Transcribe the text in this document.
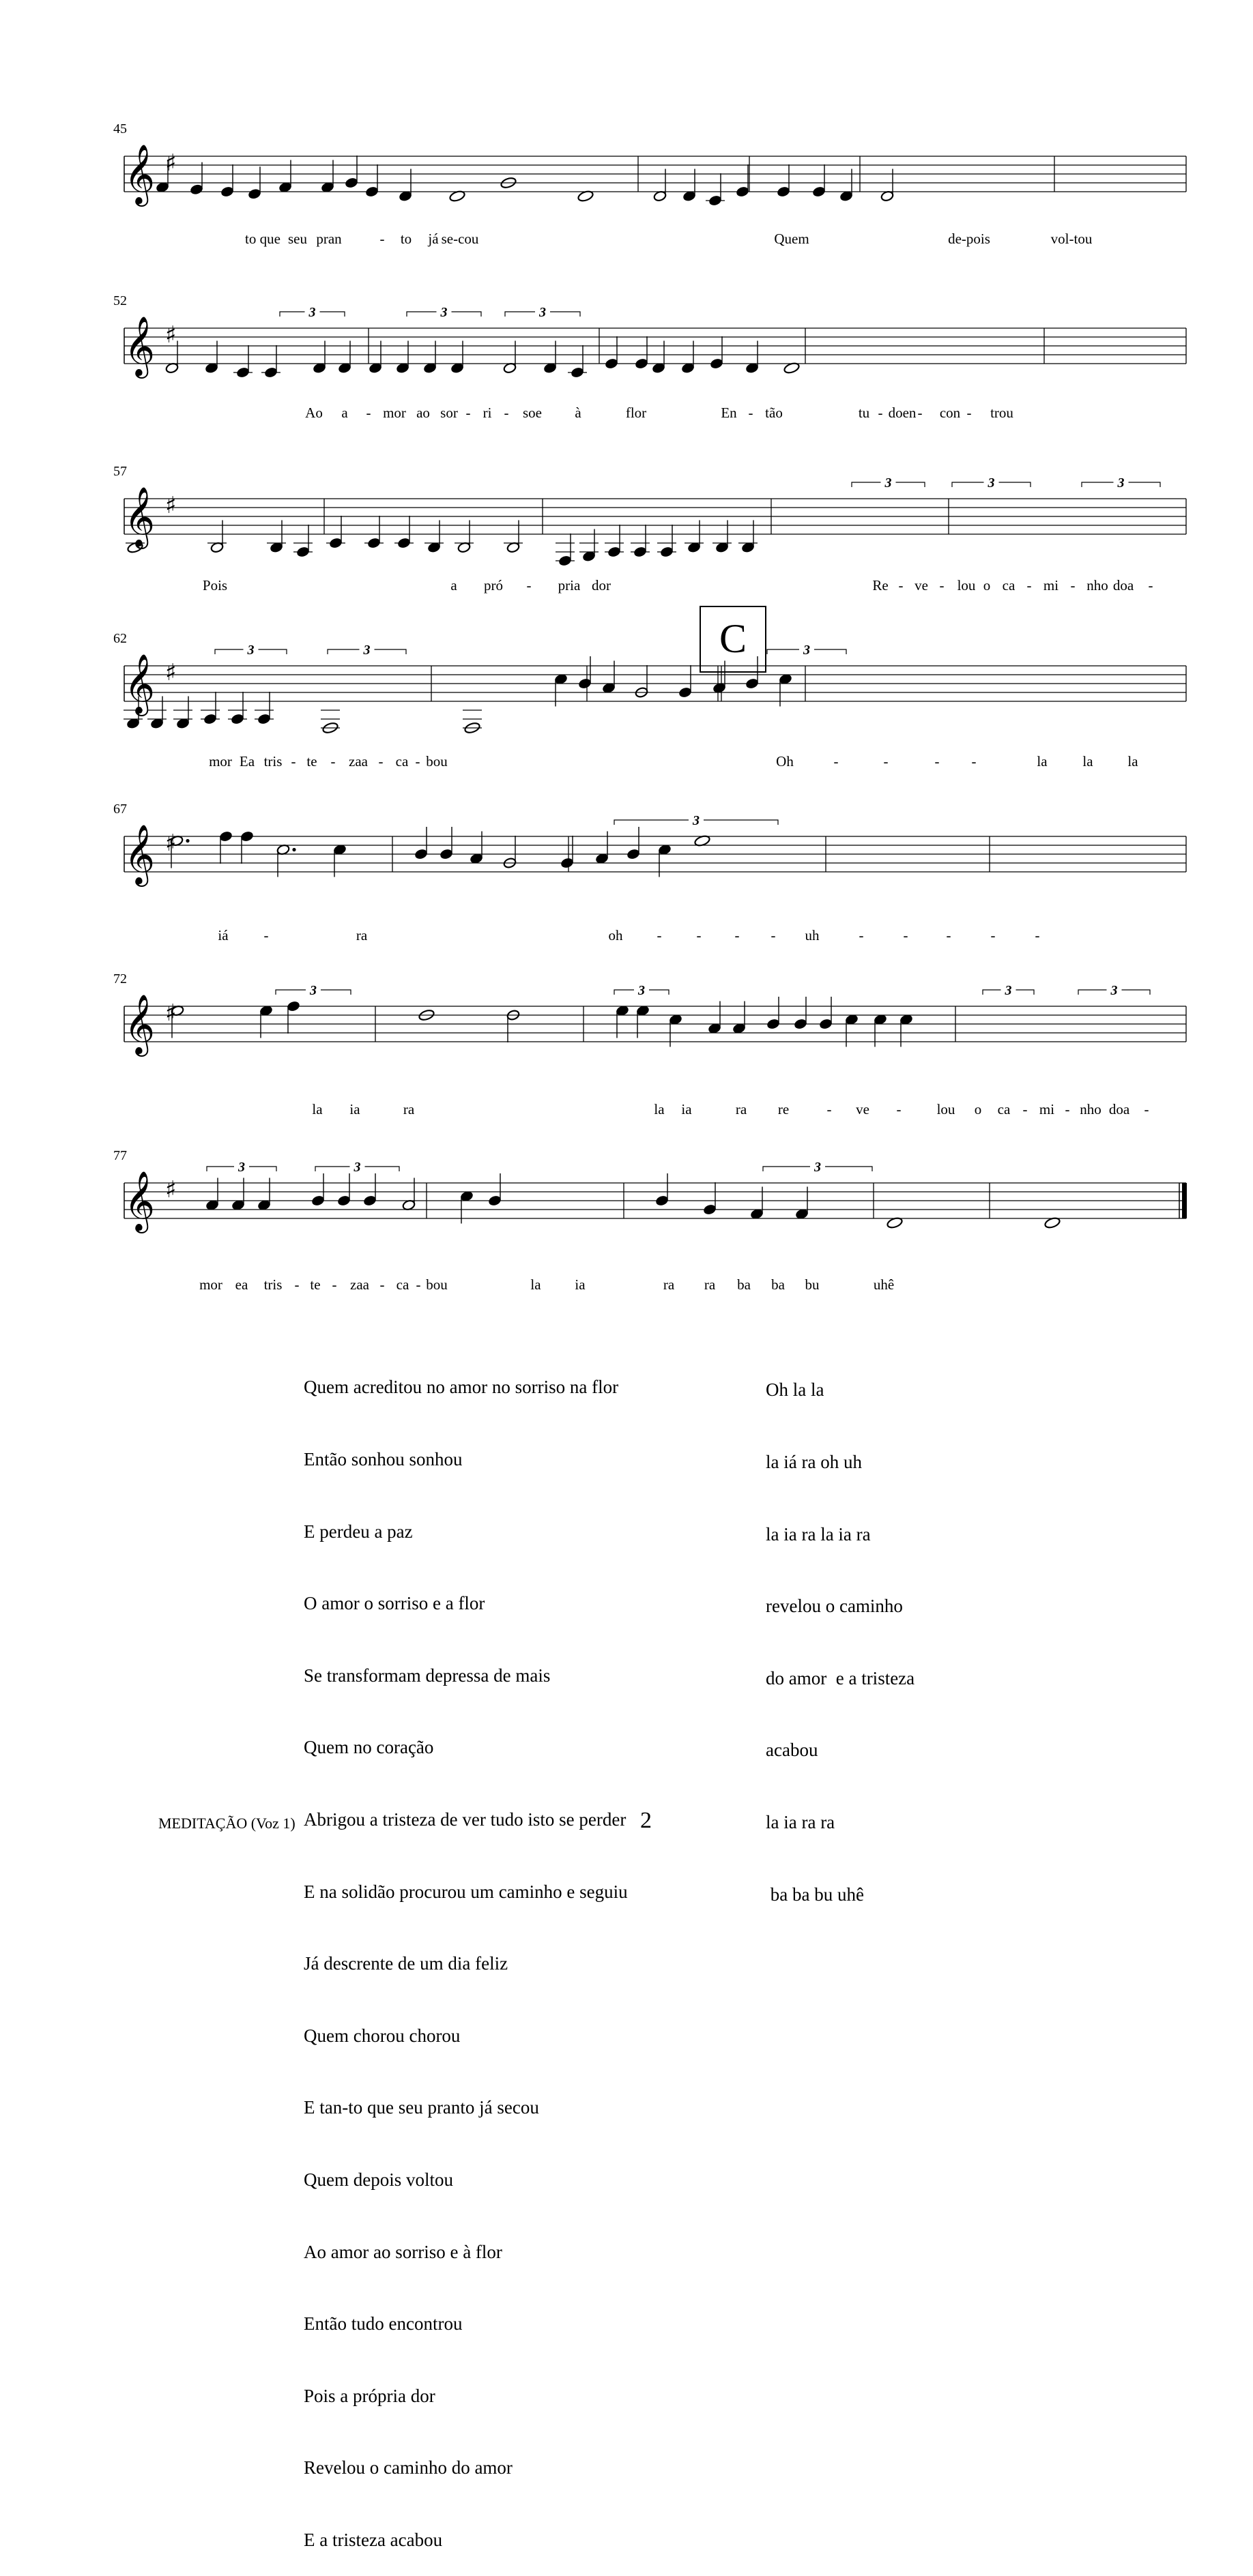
𝄞 ♯
45
to que seu pran	- to já se-cou	Quem	de-pois	vol-tou
𝄞 ♯
52
3	3	3
Ao a - mor ao sor - ri - soe à	flor	En - tão	tu - doen - con - trou
𝄞 ♯
57
3	3	3
Pois	a pró - pria dor	Re - ve - lou o ca - mi - nho doa -
𝄞 ♯
62
3	3	3
mor Ea tris - te - zaa - ca - bou	Oh	-	-	- -	la la la
𝄞 ♯
67
3
iá -	ra	oh - - - - uh	-	-	-	-	-
𝄞 ♯
72
3	3	3	3
la ia	ra	la ia	ra re	- ve - lou o ca - mi - nho doa -
𝄞 ♯
77
3	3	3
mor ea tris - te - zaa - ca - bou	la ia	ra ra ba ba bu	uhê
C

Quem acreditou no amor no sorriso na flor

Então sonhou sonhou

E perdeu a paz

O amor o sorriso e a flor

Se transformam depressa de mais

Quem no coração

Abrigou a tristeza de ver tudo isto se perder

E na solidão procurou um caminho e seguiu

Já descrente de um dia feliz

Quem chorou chorou

E tan-to que seu pranto já secou

Quem depois voltou

Ao amor ao sorriso e à flor

Então tudo encontrou

Pois a própria dor

Revelou o caminho do amor

E a tristeza acabou

Oh la la

la iá ra oh uh

la ia ra la ia ra

revelou o caminho

do amor  e a tristeza

acabou

la ia ra ra

ba ba bu uhê

MEDITAÇÃO (Voz 1)	2
